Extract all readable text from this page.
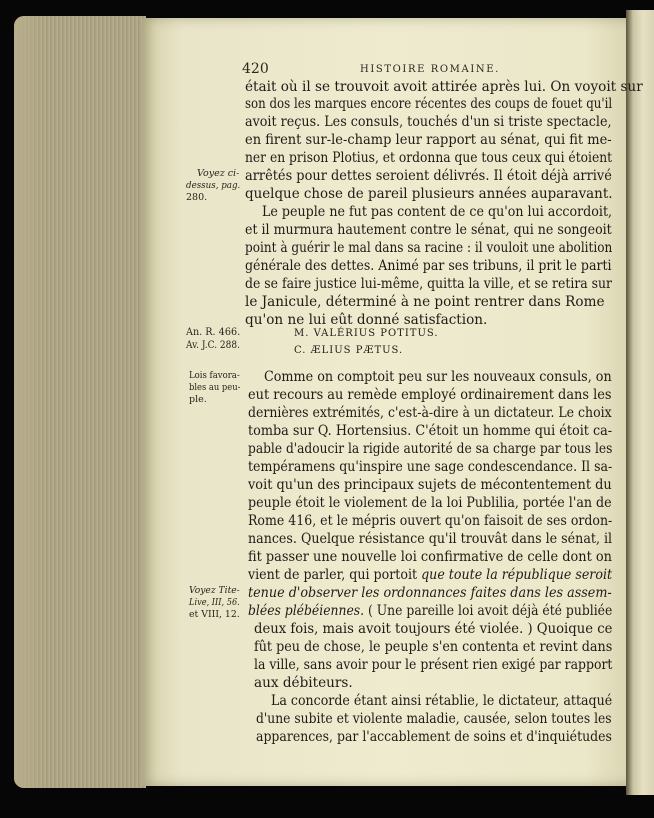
420	HISTOIRE ROMAINE.
était où il se trouvoit avoit attirée après lui. On voyoit sur
son dos les marques encore récentes des coups de fouet qu'il
avoit reçus. Les consuls, touchés d'un si triste spectacle,
en firent sur-le-champ leur rapport au sénat, qui fit me-
ner en prison Plotius, et ordonna que tous ceux qui étoient
arrêtés pour dettes seroient délivrés. Il étoit déjà arrivé
quelque chose de pareil plusieurs années auparavant.
Le peuple ne fut pas content de ce qu'on lui accordoit,
et il murmura hautement contre le sénat, qui ne songeoit
point à guérir le mal dans sa racine : il vouloit une abolition
générale des dettes. Animé par ses tribuns, il prit le parti
de se faire justice lui-même, quitta la ville, et se retira sur
le Janicule, déterminé à ne point rentrer dans Rome
qu'on ne lui eût donné satisfaction.
M. VALÉRIUS POTITUS.
C. ÆLIUS PÆTUS.
Comme on comptoit peu sur les nouveaux consuls, on
eut recours au remède employé ordinairement dans les
dernières extrémités, c'est-à-dire à un dictateur. Le choix
tomba sur Q. Hortensius. C'étoit un homme qui étoit ca-
pable d'adoucir la rigide autorité de sa charge par tous les
tempéramens qu'inspire une sage condescendance. Il sa-
voit qu'un des principaux sujets de mécontentement du
peuple étoit le violement de la loi Publilia, portée l'an de
Rome 416, et le mépris ouvert qu'on faisoit de ses ordon-
nances. Quelque résistance qu'il trouvât dans le sénat, il
fit passer une nouvelle loi confirmative de celle dont on
vient de parler, qui portoit que toute la république seroit
tenue d'observer les ordonnances faites dans les assem-
blées plébéiennes. ( Une pareille loi avoit déjà été publiée
deux fois, mais avoit toujours été violée. ) Quoique ce
fût peu de chose, le peuple s'en contenta et revint dans
la ville, sans avoir pour le présent rien exigé par rapport
aux débiteurs.
La concorde étant ainsi rétablie, le dictateur, attaqué
d'une subite et violente maladie, causée, selon toutes les
apparences, par l'accablement de soins et d'inquiétudes
Voyez ci-
dessus, pag.
280.
An. R. 466.
Av. J.C. 288.
Lois favora-
bles au peu-
ple.
Voyez Tite-
Live, III, 56.
et VIII, 12.
